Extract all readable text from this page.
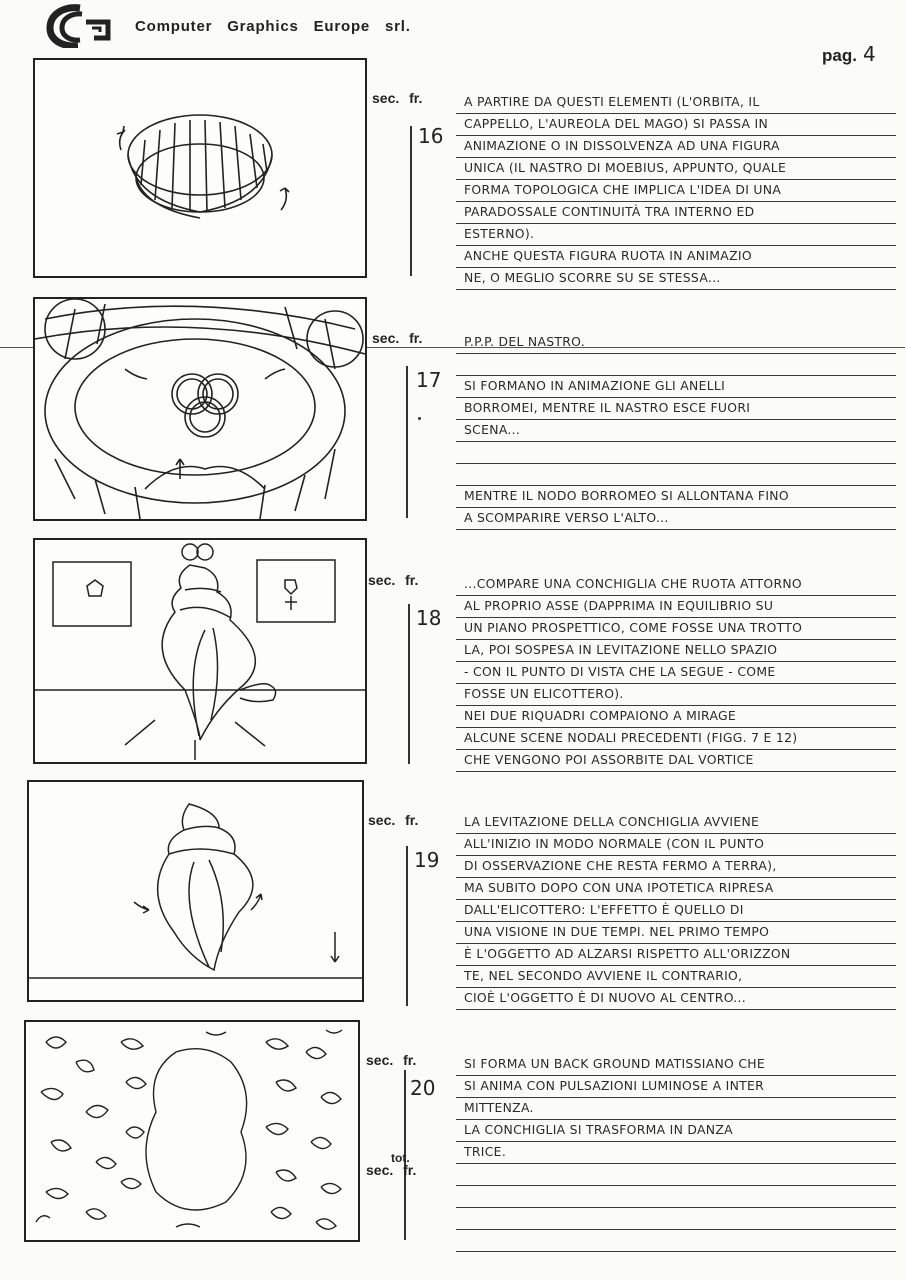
Computer Graphics Europe srl.
pag. 4
sec. fr.
16
A PARTIRE DA QUESTI ELEMENTI (L'ORBITA, IL
CAPPELLO, L'AUREOLA DEL MAGO) SI PASSA IN
ANIMAZIONE O IN DISSOLVENZA AD UNA FIGURA
UNICA (IL NASTRO DI MOEBIUS, APPUNTO, QUALE
FORMA TOPOLOGICA CHE IMPLICA L'IDEA DI UNA
PARADOSSALE CONTINUITÀ TRA INTERNO ED
ESTERNO).
ANCHE QUESTA FIGURA RUOTA IN ANIMAZIO
NE, O MEGLIO SCORRE SU SE STESSA...
sec. fr.
17
P.P.P. DEL NASTRO.
SI FORMANO IN ANIMAZIONE GLI ANELLI
BORROMEI, MENTRE IL NASTRO ESCE FUORI
SCENA...
MENTRE IL NODO BORROMEO SI ALLONTANA FINO
A SCOMPARIRE VERSO L'ALTO...
sec. fr.
18
...COMPARE UNA CONCHIGLIA CHE RUOTA ATTORNO
AL PROPRIO ASSE (DAPPRIMA IN EQUILIBRIO SU
UN PIANO PROSPETTICO, COME FOSSE UNA TROTTO
LA, POI SOSPESA IN LEVITAZIONE NELLO SPAZIO
- CON IL PUNTO DI VISTA CHE LA SEGUE - COME
FOSSE UN ELICOTTERO).
NEI DUE RIQUADRI COMPAIONO A MIRAGE
ALCUNE SCENE NODALI PRECEDENTI (FIGG. 7 E 12)
CHE VENGONO POI ASSORBITE DAL VORTICE
sec. fr.
19
LA LEVITAZIONE DELLA CONCHIGLIA AVVIENE
ALL'INIZIO IN MODO NORMALE (CON IL PUNTO
DI OSSERVAZIONE CHE RESTA FERMO A TERRA),
MA SUBITO DOPO CON UNA IPOTETICA RIPRESA
DALL'ELICOTTERO: L'EFFETTO È QUELLO DI
UNA VISIONE IN DUE TEMPI. NEL PRIMO TEMPO
È L'OGGETTO AD ALZARSI RISPETTO ALL'ORIZZON
TE, NEL SECONDO AVVIENE IL CONTRARIO,
CIOÈ L'OGGETTO È DI NUOVO AL CENTRO...
sec. fr.
20
tot.
sec. fr.
SI FORMA UN BACK GROUND MATISSIANO CHE
SI ANIMA CON PULSAZIONI LUMINOSE A INTER
MITTENZA.
LA CONCHIGLIA SI TRASFORMA IN DANZA
TRICE.
